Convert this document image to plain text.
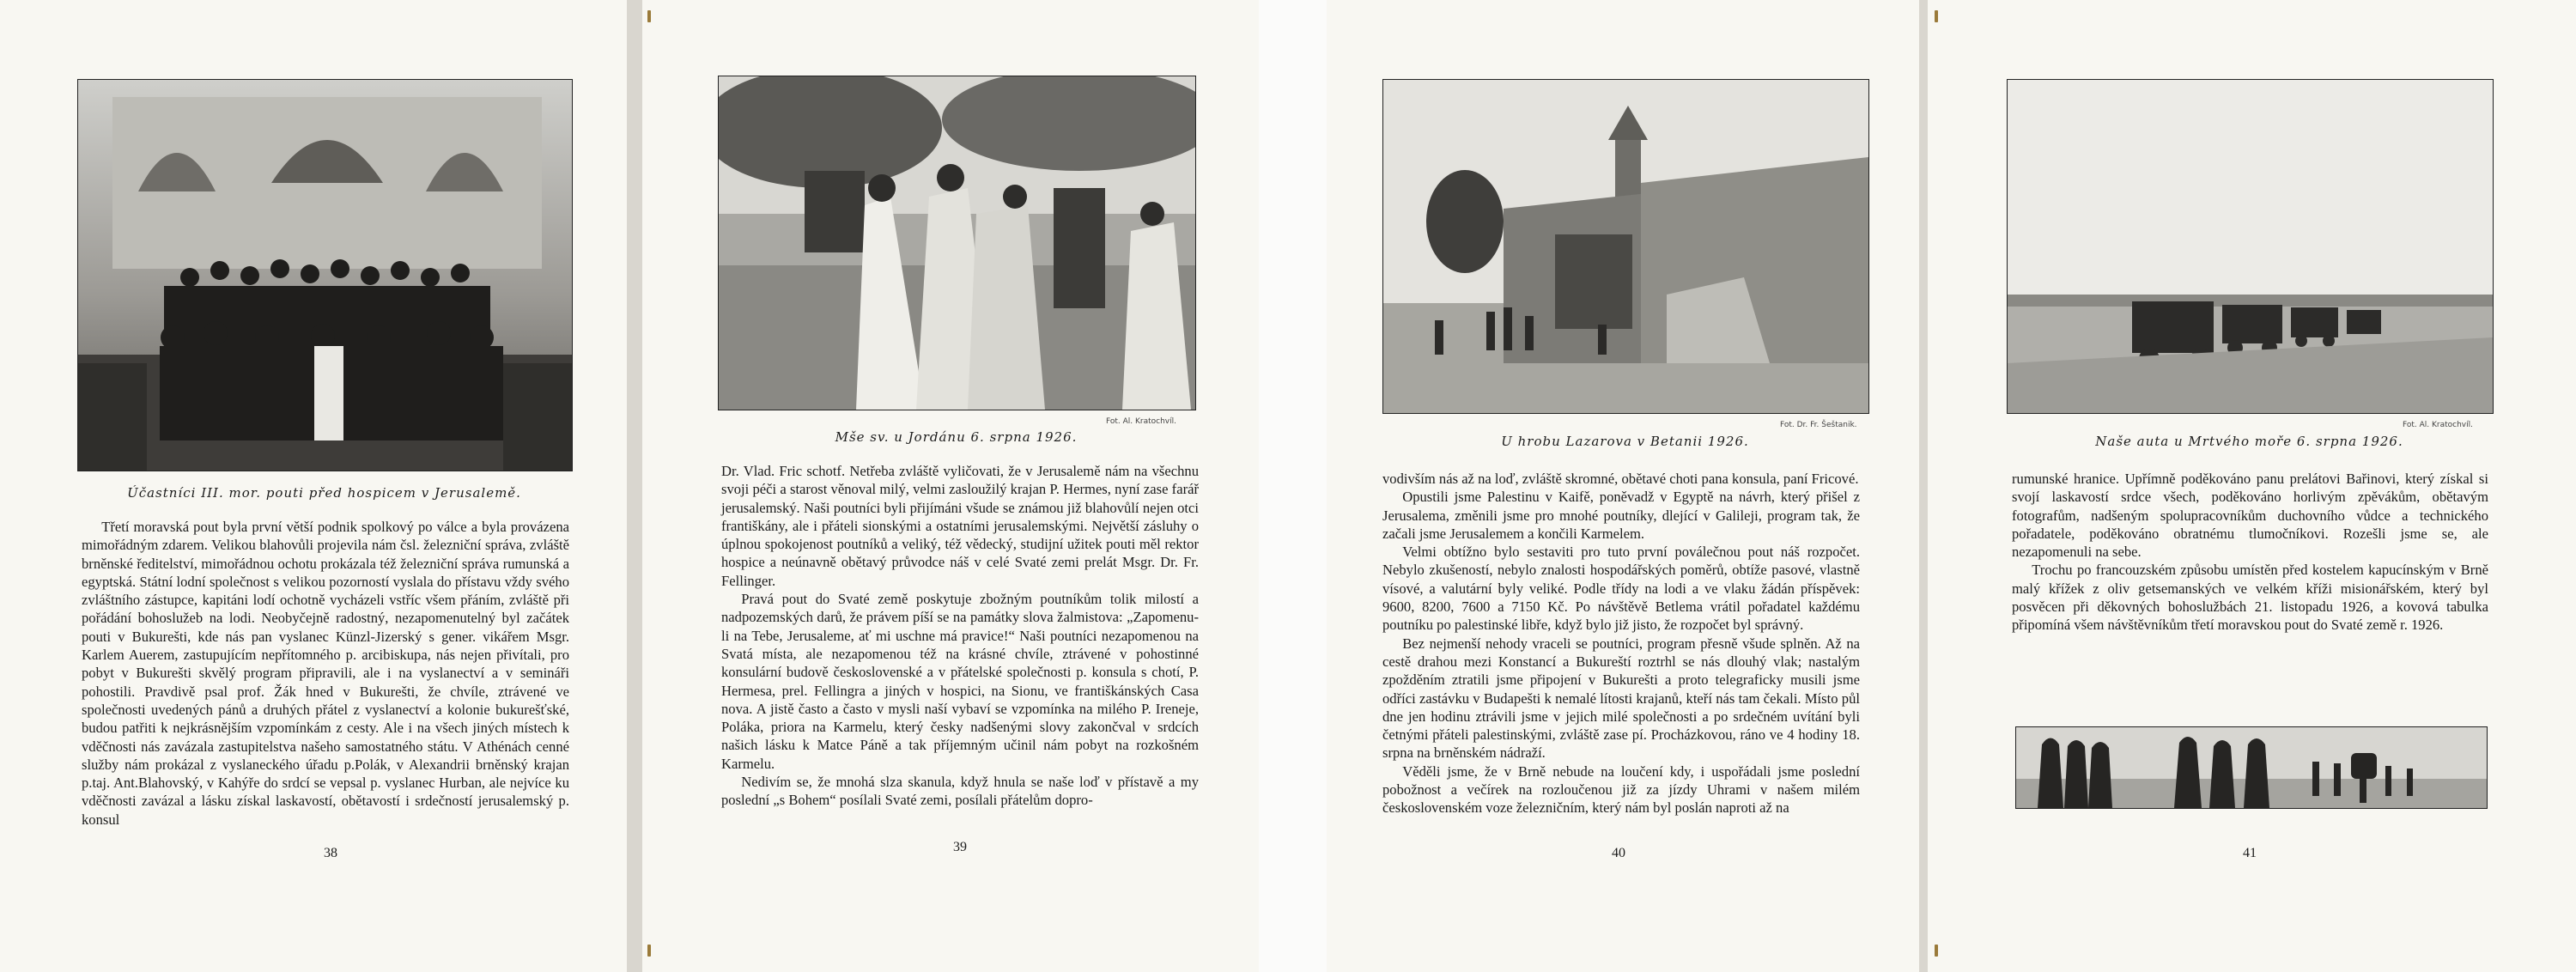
Účastníci III. mor. pouti před hospicem v Jerusalemě.

Třetí moravská pout byla první větší podnik spolkový po válce a byla provázena mimořádným zdarem. Velikou blahovůli projevila nám čsl. železniční správa, zvláště brněnské ředitelství, mimořádnou ochotu prokázala též železniční správa rumunská a egyptská. Státní lodní společnost s velikou pozorností vyslala do přístavu vždy svého zvláštního zástupce, kapitáni lodí ochotně vycházeli vstříc všem přáním, zvláště při pořádání bohoslužeb na lodi. Neobyčejně radostný, nezapomenutelný byl začátek pouti v Bukurešti, kde nás pan vyslanec Künzl-Jizerský s gener. vikářem Msgr. Karlem Auerem, zastupujícím nepřítomného p. arcibiskupa, nás nejen přivítali, pro pobyt v Bukurešti skvělý program připravili, ale i na vyslanectví a v semináři pohostili. Pravdivě psal prof. Žák hned v Bukurešti, že chvíle, ztrávené ve společnosti uvedených pánů a druhých přátel z vyslanectví a kolonie bukurešťské, budou patřiti k nejkrásnějším vzpomínkám z cesty. Ale i na všech jiných místech k vděčnosti nás zavázala zastupitelstva našeho samostatného státu. V Athénách cenné služby nám prokázal z vyslaneckého úřadu p.Polák, v Alexandrii brněnský krajan p.taj. Ant.Blahovský, v Kahýře do srdcí se vepsal p. vyslanec Hurban, ale nejvíce ku vděčnosti zavázal a lásku získal laskavostí, obětavostí i srdečností jerusalemský p. konsul

38
Fot. Al. Kratochvíl.
Mše sv. u Jordánu 6. srpna 1926.

Dr. Vlad. Fric schotf. Netřeba zvláště vyličovati, že v Jerusalemě nám na všechnu svoji péči a starost věnoval milý, velmi zasloužilý krajan P. Hermes, nyní zase farář jerusalemský. Naši poutníci byli přijímáni všude se známou již blahovůlí nejen otci františkány, ale i přáteli sionskými a ostatními jerusalemskými. Největší zásluhy o úplnou spokojenost poutníků a veliký, též vědecký, studijní užitek pouti měl rektor hospice a neúnavně obětavý průvodce náš v celé Svaté zemi prelát Msgr. Dr. Fr. Fellinger.

Pravá pout do Svaté země poskytuje zbožným poutníkům tolik milostí a nadpozemských darů, že právem píší se na památky slova žalmistova: „Zapomenu-li na Tebe, Jerusaleme, ať mi uschne má pravice!“ Naši poutníci nezapomenou na Svatá místa, ale nezapomenou též na krásné chvíle, ztrávené v pohostinné konsulární budově československé a v přátelské společnosti p. konsula s chotí, P. Hermesa, prel. Fellingra a jiných v hospici, na Sionu, ve františkánských Casa nova. A jistě často a často v mysli naší vybaví se vzpomínka na milého P. Ireneje, Poláka, priora na Karmelu, který česky nadšenými slovy zakončval v srdcích našich lásku k Matce Páně a tak příjemným učinil nám pobyt na rozkošném Karmelu.

Nedivím se, že mnohá slza skanula, když hnula se naše loď v přístavě a my poslední „s Bohem“ posílali Svaté zemi, posílali přátelům dopro-

39
Fot. Dr. Fr. Šeštanik.
U hrobu Lazarova v Betanii 1926.

vodivším nás až na loď, zvláště skromné, obětavé choti pana konsula, paní Fricové.

Opustili jsme Palestinu v Kaifě, poněvadž v Egyptě na návrh, který přišel z Jerusalema, změnili jsme pro mnohé poutníky, dlející v Galileji, program tak, že začali jsme Jerusalemem a končili Karmelem.

Velmi obtížno bylo sestaviti pro tuto první poválečnou pout náš rozpočet. Nebylo zkušeností, nebylo znalosti hospodářských poměrů, obtíže pasové, vlastně vísové, a valutární byly veliké. Podle třídy na lodi a ve vlaku žádán příspěvek: 9600, 8200, 7600 a 7150 Kč. Po návštěvě Betlema vrátil pořadatel každému poutníku po palestinské libře, když bylo již jisto, že rozpočet byl správný.

Bez nejmenší nehody vraceli se poutníci, program přesně všude splněn. Až na cestě drahou mezi Konstancí a Bukureští roztrhl se nás dlouhý vlak; nastalým zpožděním ztratili jsme připojení v Bukurešti a proto telegraficky musili jsme odříci zastávku v Budapešti k nemalé lítosti krajanů, kteří nás tam čekali. Místo půl dne jen hodinu ztrávili jsme v jejich milé společnosti a po srdečném uvítání byli četnými přáteli palestinskými, zvláště zase pí. Procházkovou, ráno ve 4 hodiny 18. srpna na brněnském nádraží.

Věděli jsme, že v Brně nebude na loučení kdy, i uspořádali jsme poslední pobožnost a večírek na rozloučenou již za jízdy Uhrami v našem milém československém voze železničním, který nám byl poslán naproti až na

40
Fot. Al. Kratochvíl.
Naše auta u Mrtvého moře 6. srpna 1926.

rumunské hranice. Upřímně poděkováno panu prelátovi Bařinovi, který získal si svojí laskavostí srdce všech, poděkováno horlivým zpěvákům, obětavým fotografům, nadšeným spolupracovníkům duchovního vůdce a technického pořadatele, poděkováno obratnému tlumočníkovi. Rozešli jsme se, ale nezapomenuli na sebe.

Trochu po francouzském způsobu umístěn před kostelem kapucínským v Brně malý křížek z oliv getsemanských ve velkém kříži misionářském, který byl posvěcen při děkovných bohoslužbách 21. listopadu 1926, a kovová tabulka připomíná všem návštěvníkům třetí moravskou pout do Svaté země r. 1926.

41
